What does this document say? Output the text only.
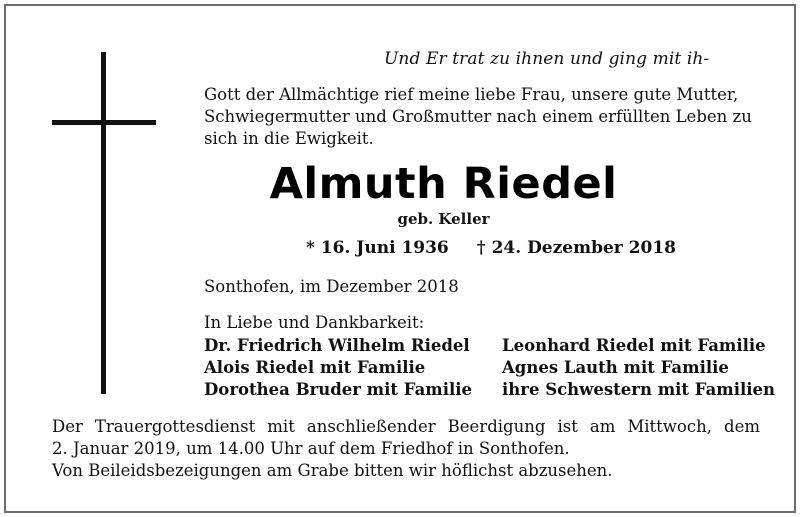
Und Er trat zu ihnen und ging mit ih-
Gott der Allmächtige rief meine liebe Frau, unsere gute Mutter, Schwiegermutter und Großmutter nach einem erfüllten Leben zu sich in die Ewigkeit.
Almuth Riedel
geb. Keller
* 16. Juni 1936 † 24. Dezember 2018
Sonthofen, im Dezember 2018
In Liebe und Dankbarkeit:
Dr. Friedrich Wilhelm Riedel
Alois Riedel mit Familie
Dorothea Bruder mit Familie
Leonhard Riedel mit Familie
Agnes Lauth mit Familie
ihre Schwestern mit Familien
Der Trauergottesdienst mit anschließender Beerdigung ist am Mittwoch, dem
2. Januar 2019, um 14.00 Uhr auf dem Friedhof in Sonthofen.
Von Beileidsbezeigungen am Grabe bitten wir höflichst abzusehen.
